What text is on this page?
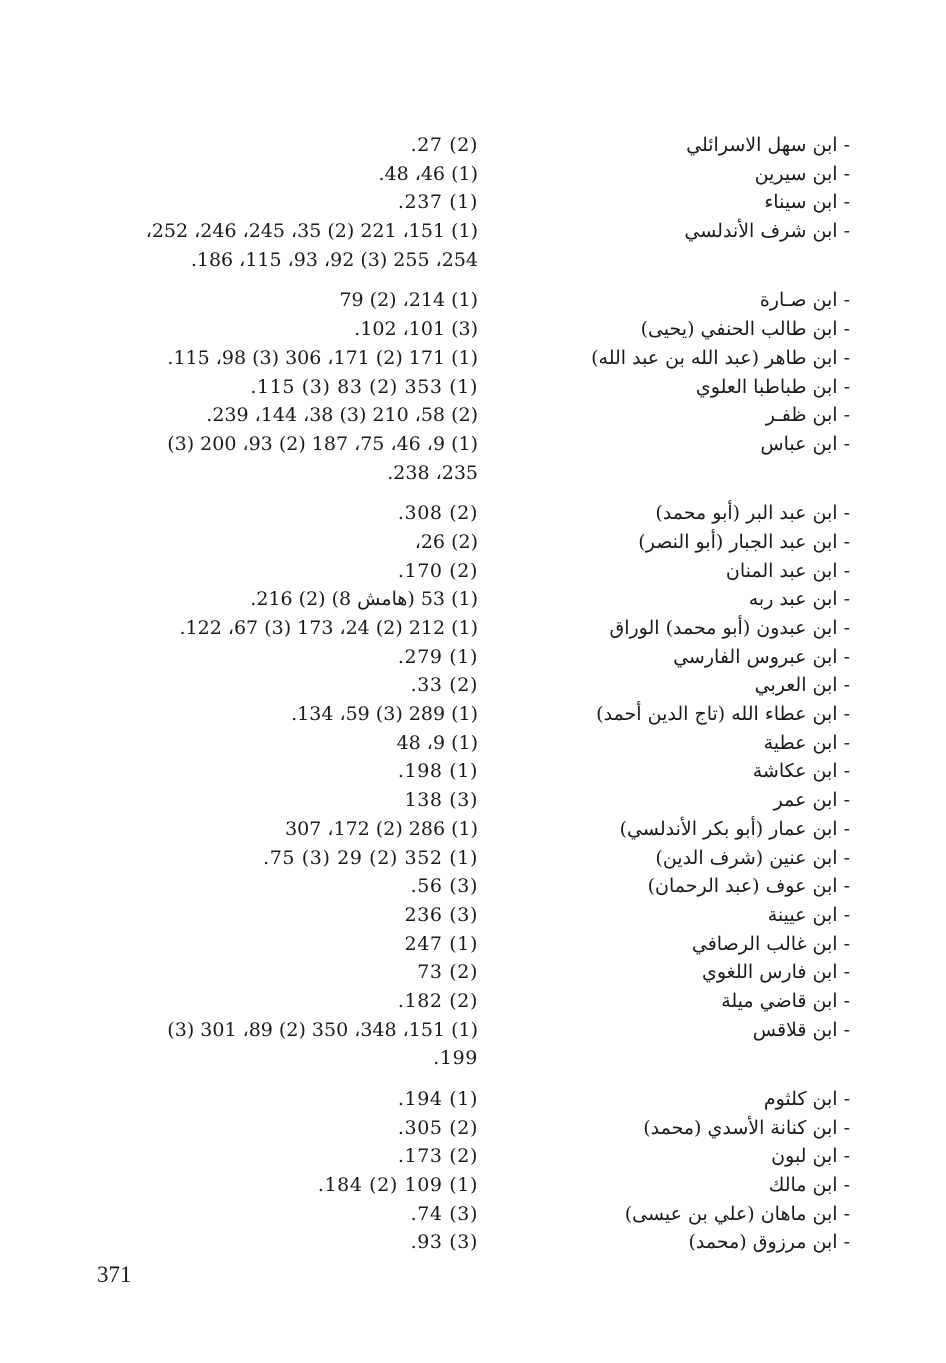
- ابن سهل الاسرائلي
(2) 27.
- ابن سيرين
(1) 46، 48.
- ابن سيناء
(1) 237.
- ابن شرف الأندلسي
(1) 151، 221 (2) 35، 245، 246، 252،
254، 255 (3) 92، 93، 115، 186.
- ابن صـارة
(1) 214، (2) 79
- ابن طالب الحنفي (يحيى)
(3) 101، 102.
- ابن طاهر (عبد الله بن عبد الله)
(1) 171 (2) 171، 306 (3) 98، 115.
- ابن طباطبا العلوي
(1) 353 (2) 83 (3) 115.
- ابن ظفـر
(2) 58، 210 (3) 38، 144، 239.
- ابن عباس
(1) 9، 46، 75، 187 (2) 93، 200 (3)
235، 238.
- ابن عبد البر (أبو محمد)
(2) 308.
- ابن عبد الجبار (أبو النصر)
(2) 26،
- ابن عبد المنان
(2) 170.
- ابن عبد ربه
(1) 53 (هامش 8) (2) 216.
- ابن عبدون (أبو محمد) الوراق
(1) 212 (2) 24، 173 (3) 67، 122.
- ابن عبروس الفارسي
(1) 279.
- ابن العربي
(2) 33.
- ابن عطاء الله (تاج الدين أحمد)
(1) 289 (3) 59، 134.
- ابن عطية
(1) 9، 48
- ابن عكاشة
(1) 198.
- ابن عمر
(3) 138
- ابن عمار (أبو بكر الأندلسي)
(1) 286 (2) 172، 307
- ابن عنين (شرف الدين)
(1) 352 (2) 29 (3) 75.
- ابن عوف (عبد الرحمان)
(3) 56.
- ابن عيينة
(3) 236
- ابن غالب الرصافي
(1) 247
- ابن فارس اللغوي
(2) 73
- ابن قاضي ميلة
(2) 182.
- ابن قلاقس
(1) 151، 348، 350 (2) 89، 301 (3)
199.
- ابن كلثوم
(1) 194.
- ابن كنانة الأسدي (محمد)
(2) 305.
- ابن لبون
(2) 173.
- ابن مالك
(1) 109 (2) 184.
- ابن ماهان (علي بن عيسى)
(3) 74.
- ابن مرزوق (محمد)
(3) 93.
371
